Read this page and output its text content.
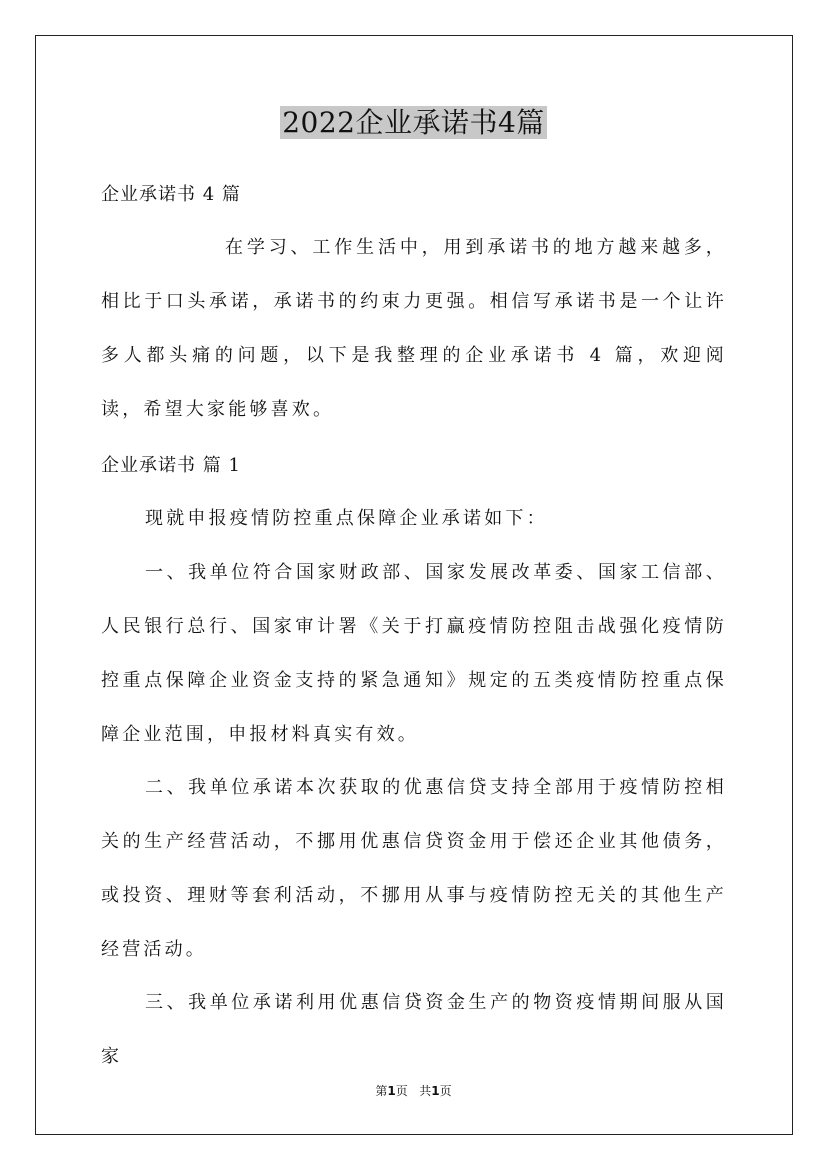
2022企业承诺书4篇
企业承诺书 4 篇

在学习、工作生活中，用到承诺书的地方越来越多，相比于口头承诺，承诺书的约束力更强。相信写承诺书是一个让许多人都头痛的问题，以下是我整理的企业承诺书 4 篇，欢迎阅读，希望大家能够喜欢。

企业承诺书 篇 1

现就申报疫情防控重点保障企业承诺如下：

一、我单位符合国家财政部、国家发展改革委、国家工信部、人民银行总行、国家审计署《关于打赢疫情防控阻击战强化疫情防控重点保障企业资金支持的紧急通知》规定的五类疫情防控重点保障企业范围，申报材料真实有效。

二、我单位承诺本次获取的优惠信贷支持全部用于疫情防控相关的生产经营活动，不挪用优惠信贷资金用于偿还企业其他债务，或投资、理财等套利活动，不挪用从事与疫情防控无关的其他生产经营活动。

三、我单位承诺利用优惠信贷资金生产的物资疫情期间服从国家

第1页 共1页
